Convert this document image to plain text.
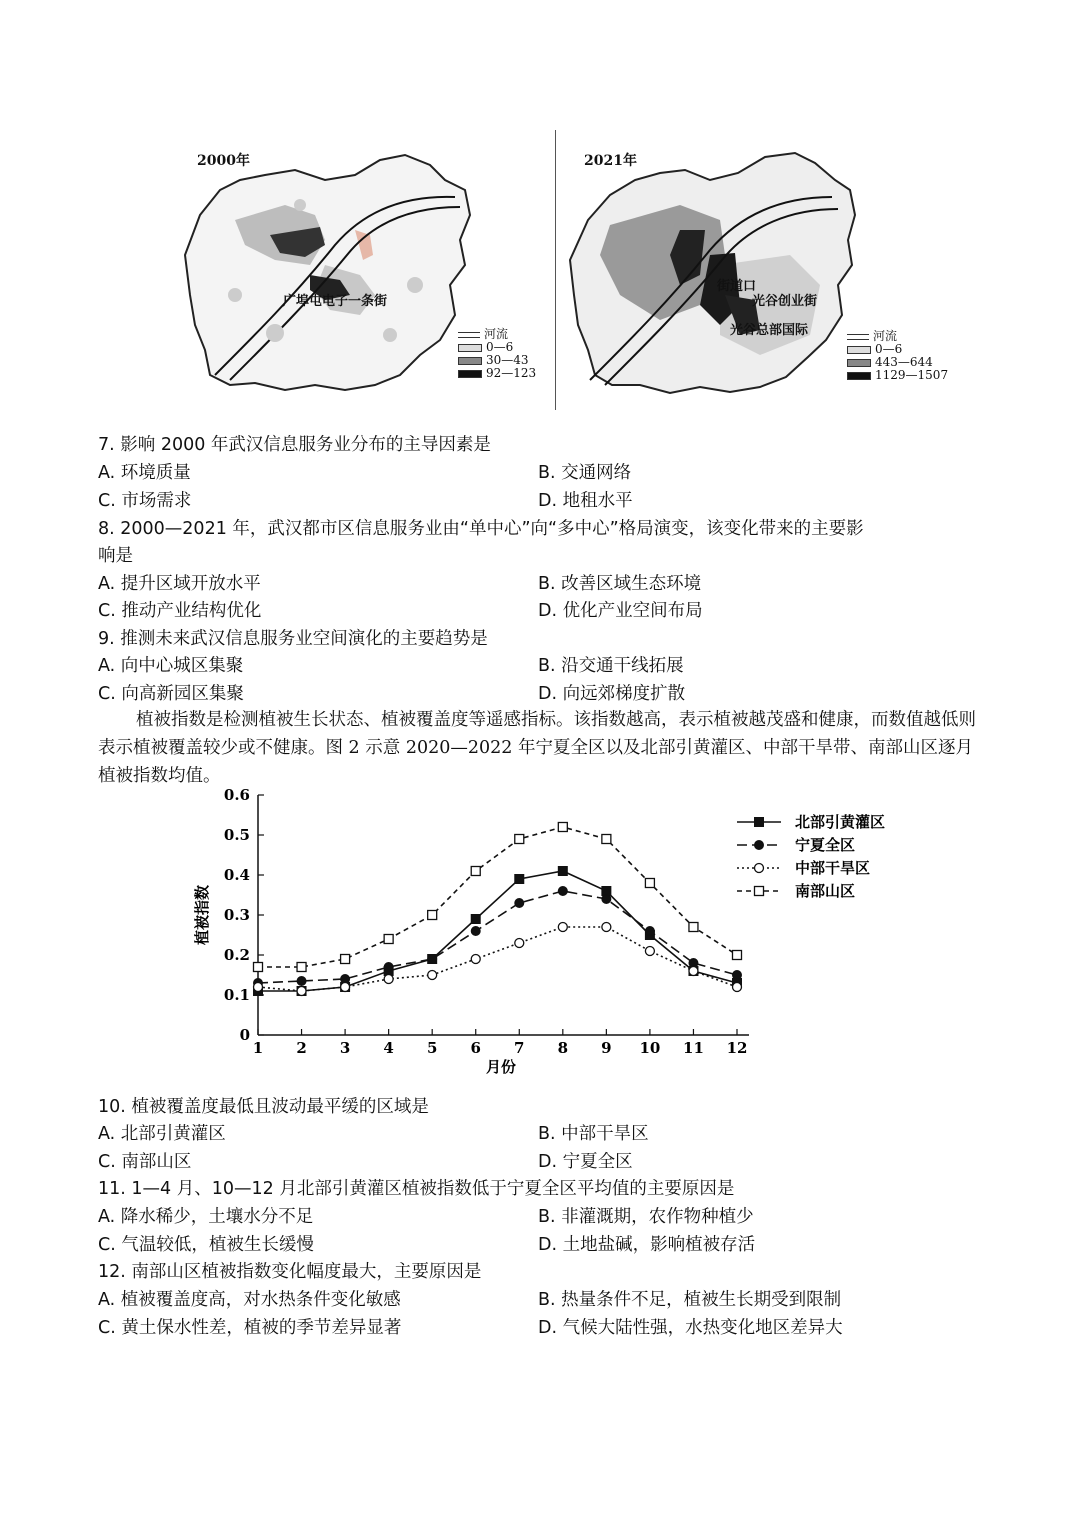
2000年
广埠屯电子一条街
河流
0—6
30—43
92—123
2021年
街道口
光谷创业街
光谷总部国际	河流
0—6
443—644
1129—1507
7. 影响 2000 年武汉信息服务业分布的主导因素是
A. 环境质量	B. 交通网络
C. 市场需求	D. 地租水平
8. 2000—2021 年，武汉都市区信息服务业由“单中心”向“多中心”格局演变，该变化带来的主要影
响是
A. 提升区域开放水平	B. 改善区域生态环境
C. 推动产业结构优化	D. 优化产业空间布局
9. 推测未来武汉信息服务业空间演化的主要趋势是
A. 向中心城区集聚	B. 沿交通干线拓展
C. 向高新园区集聚	D. 向远郊梯度扩散
植被指数是检测植被生长状态、植被覆盖度等遥感指标。该指数越高，表示植被越茂盛和健康，而数值越低则表示植被覆盖较少或不健康。图 2 示意 2020—2022 年宁夏全区以及北部引黄灌区、中部干旱带、南部山区逐月植被指数均值。
0
0.1
0.2
0.3
0.4
0.5
0.6
1 2 3 4 5 6 7 8 9 10 11 12
北部引黄灌区
宁夏全区
中部干旱区
南部山区
月份
植被指数
10. 植被覆盖度最低且波动最平缓的区域是
A. 北部引黄灌区	B. 中部干旱区
C. 南部山区	D. 宁夏全区
11. 1—4 月、10—12 月北部引黄灌区植被指数低于宁夏全区平均值的主要原因是
A. 降水稀少，土壤水分不足	B. 非灌溉期，农作物种植少
C. 气温较低，植被生长缓慢	D. 土地盐碱，影响植被存活
12. 南部山区植被指数变化幅度最大，主要原因是
A. 植被覆盖度高，对水热条件变化敏感	B. 热量条件不足，植被生长期受到限制
C. 黄土保水性差，植被的季节差异显著	D. 气候大陆性强，水热变化地区差异大
